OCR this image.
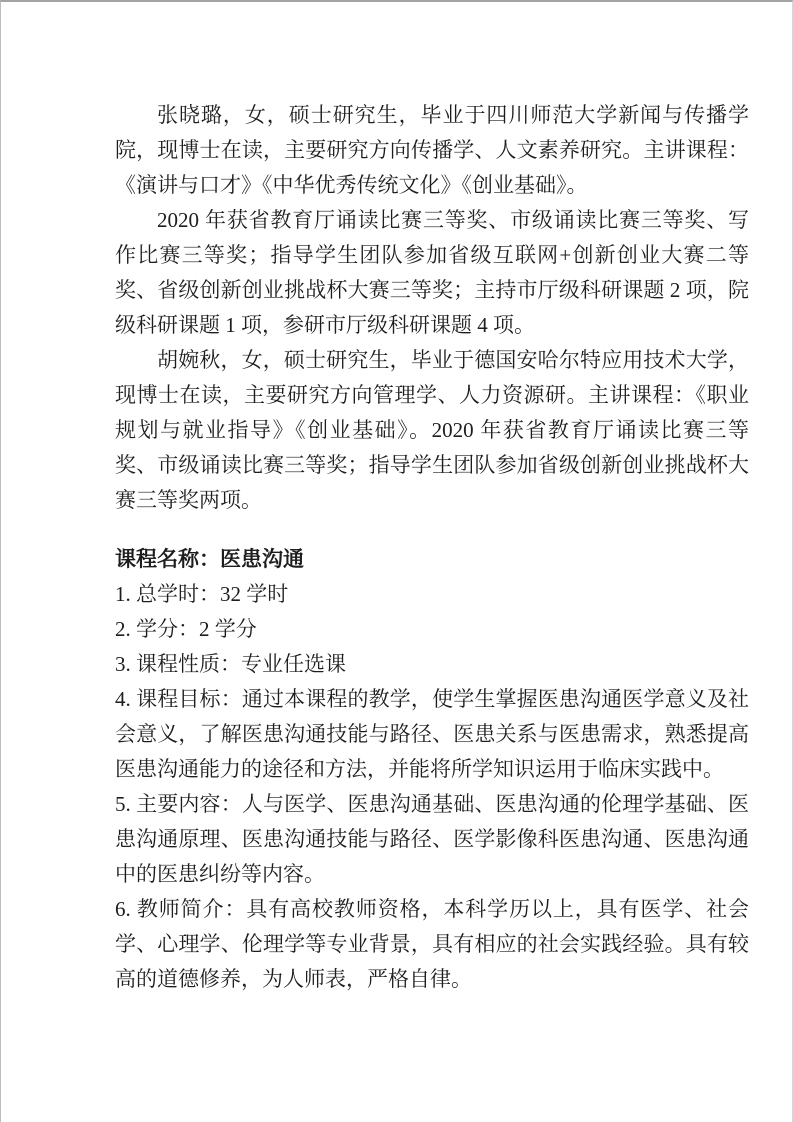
张晓璐，女，硕士研究生，毕业于四川师范大学新闻与传播学院，现博士在读，主要研究方向传播学、人文素养研究。主讲课程：《演讲与口才》《中华优秀传统文化》《创业基础》。

2020 年获省教育厅诵读比赛三等奖、市级诵读比赛三等奖、写作比赛三等奖；指导学生团队参加省级互联网+创新创业大赛二等奖、省级创新创业挑战杯大赛三等奖；主持市厅级科研课题 2 项，院级科研课题 1 项，参研市厅级科研课题 4 项。

胡婉秋，女，硕士研究生，毕业于德国安哈尔特应用技术大学，现博士在读，主要研究方向管理学、人力资源研。主讲课程：《职业规划与就业指导》《创业基础》。2020 年获省教育厅诵读比赛三等奖、市级诵读比赛三等奖；指导学生团队参加省级创新创业挑战杯大赛三等奖两项。

课程名称：医患沟通

1. 总学时：32 学时

2. 学分：2 学分

3. 课程性质：专业任选课

4. 课程目标：通过本课程的教学，使学生掌握医患沟通医学意义及社会意义，了解医患沟通技能与路径、医患关系与医患需求，熟悉提高医患沟通能力的途径和方法，并能将所学知识运用于临床实践中。

5. 主要内容：人与医学、医患沟通基础、医患沟通的伦理学基础、医患沟通原理、医患沟通技能与路径、医学影像科医患沟通、医患沟通中的医患纠纷等内容。

6. 教师简介：具有高校教师资格，本科学历以上，具有医学、社会学、心理学、伦理学等专业背景，具有相应的社会实践经验。具有较高的道德修养，为人师表，严格自律。
